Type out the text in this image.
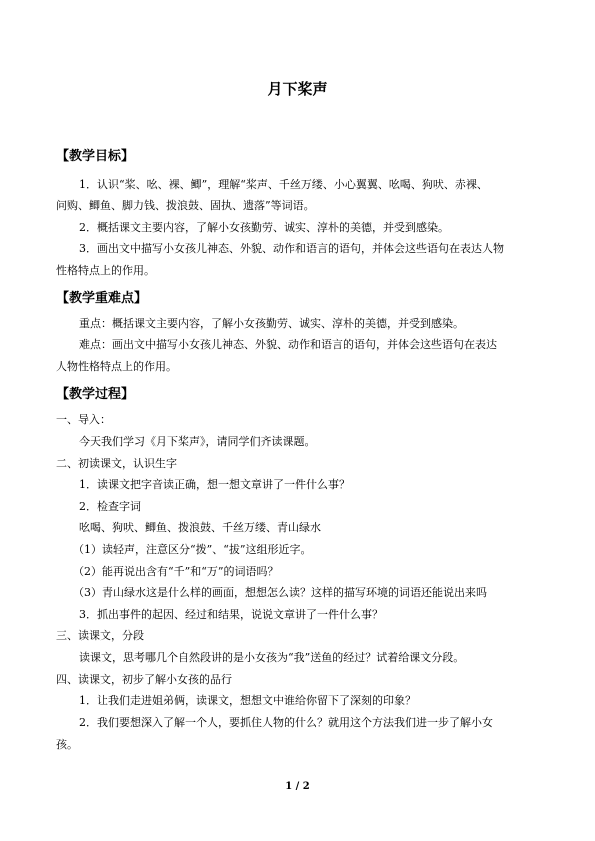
月下桨声
【教学目标】
1．认识“桨、吆、裸、鲫”，理解“桨声、千丝万缕、小心翼翼、吆喝、狗吠、赤裸、
问购、鲫鱼、脚力钱、拨浪鼓、固执、遗落”等词语。
2．概括课文主要内容，了解小女孩勤劳、诚实、淳朴的美德，并受到感染。
3．画出文中描写小女孩儿神态、外貌、动作和语言的语句，并体会这些语句在表达人物
性格特点上的作用。
【教学重难点】
重点：概括课文主要内容，了解小女孩勤劳、诚实、淳朴的美德，并受到感染。
难点：画出文中描写小女孩儿神态、外貌、动作和语言的语句，并体会这些语句在表达
人物性格特点上的作用。
【教学过程】
一、导入：
今天我们学习《月下桨声》，请同学们齐读课题。
二、初读课文，认识生字
1．读课文把字音读正确，想一想文章讲了一件什么事？
2．检查字词
吆喝、狗吠、鲫鱼、拨浪鼓、千丝万缕、青山绿水
（1）读轻声，注意区分“拨”、“拔”这组形近字。
（2）能再说出含有“千”和“万”的词语吗？
（3）青山绿水这是什么样的画面，想想怎么读？这样的描写环境的词语还能说出来吗
3．抓出事件的起因、经过和结果，说说文章讲了一件什么事？
三、读课文，分段
读课文，思考哪几个自然段讲的是小女孩为“我”送鱼的经过？试着给课文分段。
四、读课文，初步了解小女孩的品行
1．让我们走进姐弟俩，读课文，想想文中谁给你留下了深刻的印象？
2．我们要想深入了解一个人，要抓住人物的什么？就用这个方法我们进一步了解小女
孩。
1 / 2
